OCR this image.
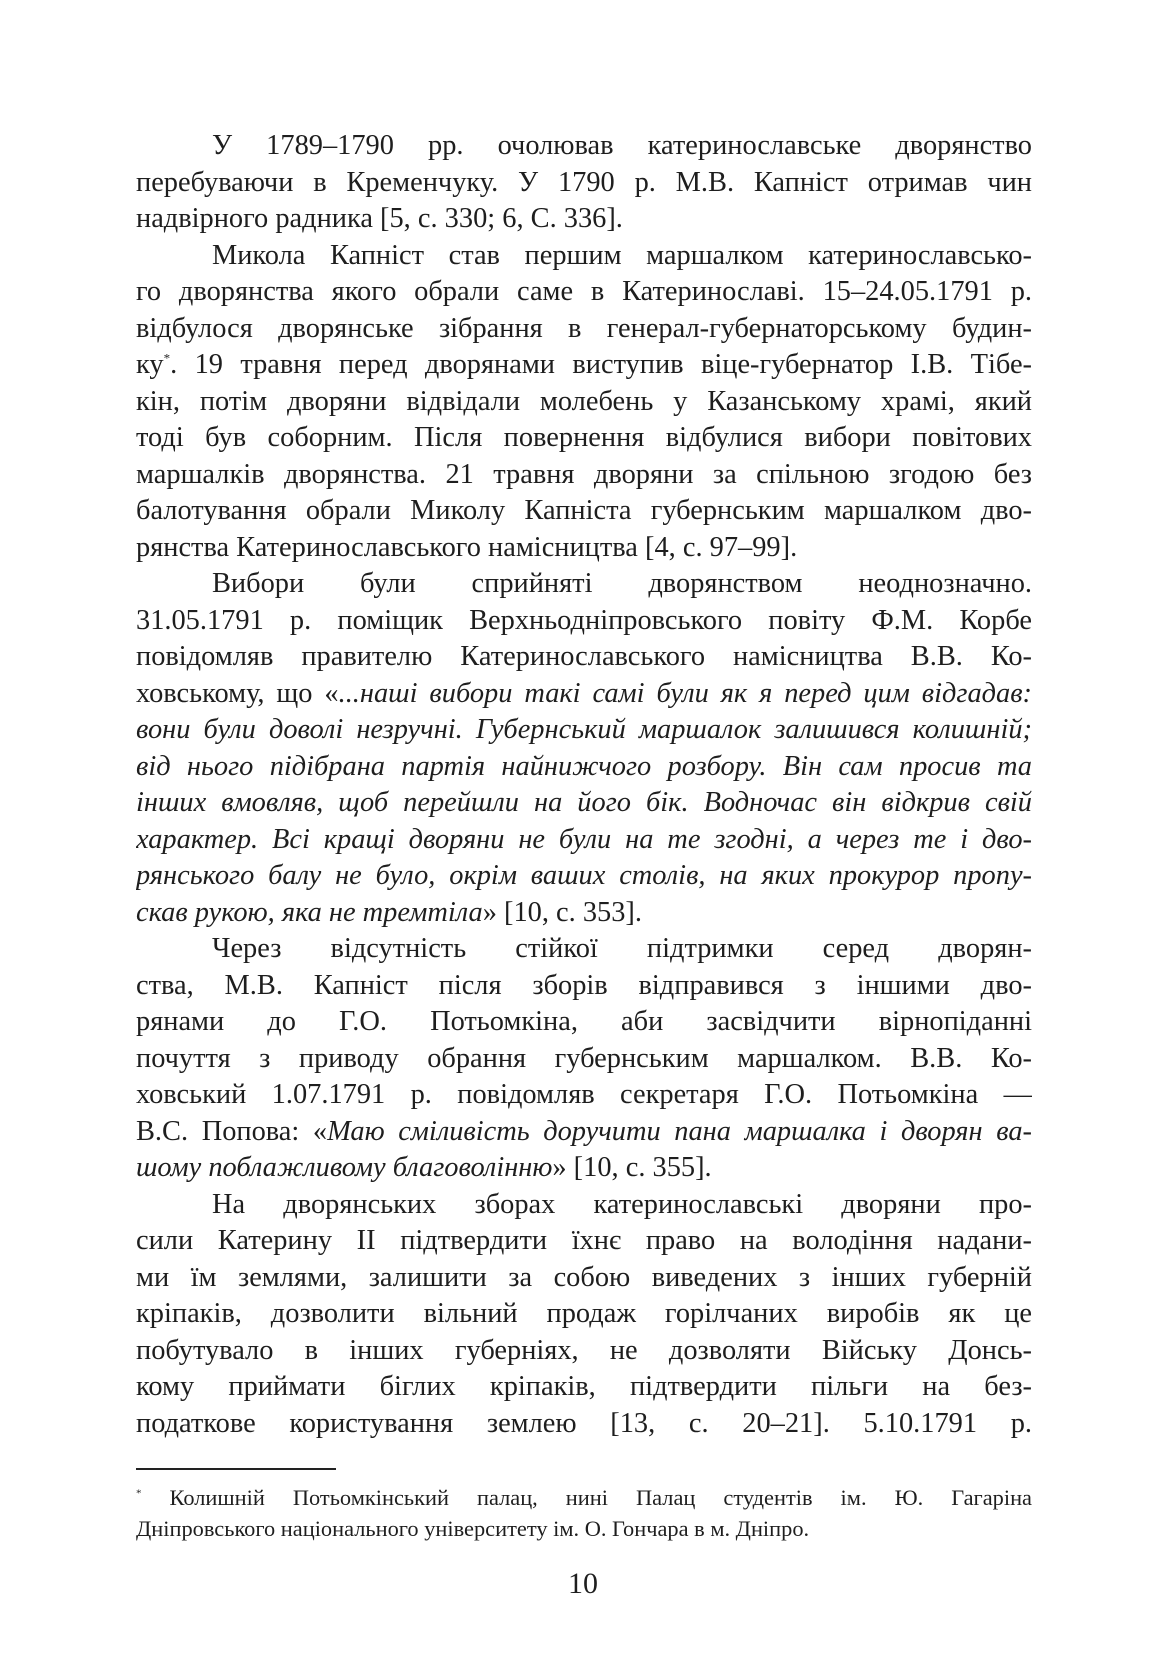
У 1789–1790 рр. очолював катеринославське дворянство
перебуваючи в Кременчуку. У 1790 р. М.В. Капніст отримав чин
надвірного радника [5, с. 330; 6, С. 336].
Микола Капніст став першим маршалком катеринославсько-
го дворянства якого обрали саме в Катеринославі. 15–24.05.1791 р.
відбулося дворянське зібрання в генерал-губернаторському будин-
ку*. 19 травня перед дворянами виступив віце-губернатор І.В. Тібе-
кін, потім дворяни відвідали молебень у Казанському храмі, який
тоді був соборним. Після повернення відбулися вибори повітових
маршалків дворянства. 21 травня дворяни за спільною згодою без
балотування обрали Миколу Капніста губернським маршалком дво-
рянства Катеринославського намісництва [4, с. 97–99].
Вибори були сприйняті дворянством неоднозначно.
31.05.1791 р. поміщик Верхньодніпровського повіту Ф.М. Корбе
повідомляв правителю Катеринославського намісництва В.В. Ко-
ховському, що «...наші вибори такі самі були як я перед цим відгадав:
вони були доволі незручні. Губернський маршалок залишився колишній;
від нього підібрана партія найнижчого розбору. Він сам просив та
інших вмовляв, щоб перейшли на його бік. Водночас він відкрив свій
характер. Всі кращі дворяни не були на те згодні, а через те і дво-
рянського балу не було, окрім ваших столів, на яких прокурор пропу-
скав рукою, яка не тремтіла» [10, с. 353].
Через відсутність стійкої підтримки серед дворян-
ства, М.В. Капніст після зборів відправився з іншими дво-
рянами до Г.О. Потьомкіна, аби засвідчити вірнопіданні
почуття з приводу обрання губернським маршалком. В.В. Ко-
ховський 1.07.1791 р. повідомляв секретаря Г.О. Потьомкіна —
В.С. Попова: «Маю сміливість доручити пана маршалка і дворян ва-
шому поблажливому благоволінню» [10, с. 355].
На дворянських зборах катеринославські дворяни про-
сили Катерину ІІ підтвердити їхнє право на володіння надани-
ми їм землями, залишити за собою виведених з інших губерній
кріпаків, дозволити вільний продаж горілчаних виробів як це
побутувало в інших губерніях, не дозволяти Війську Донсь-
кому приймати біглих кріпаків, підтвердити пільги на без-
податкове користування землею [13, с. 20–21]. 5.10.1791 р.
* Колишній Потьомкінський палац, нині Палац студентів ім. Ю. Гагаріна
Дніпровського національного університету ім. О. Гончара в м. Дніпро.
10
